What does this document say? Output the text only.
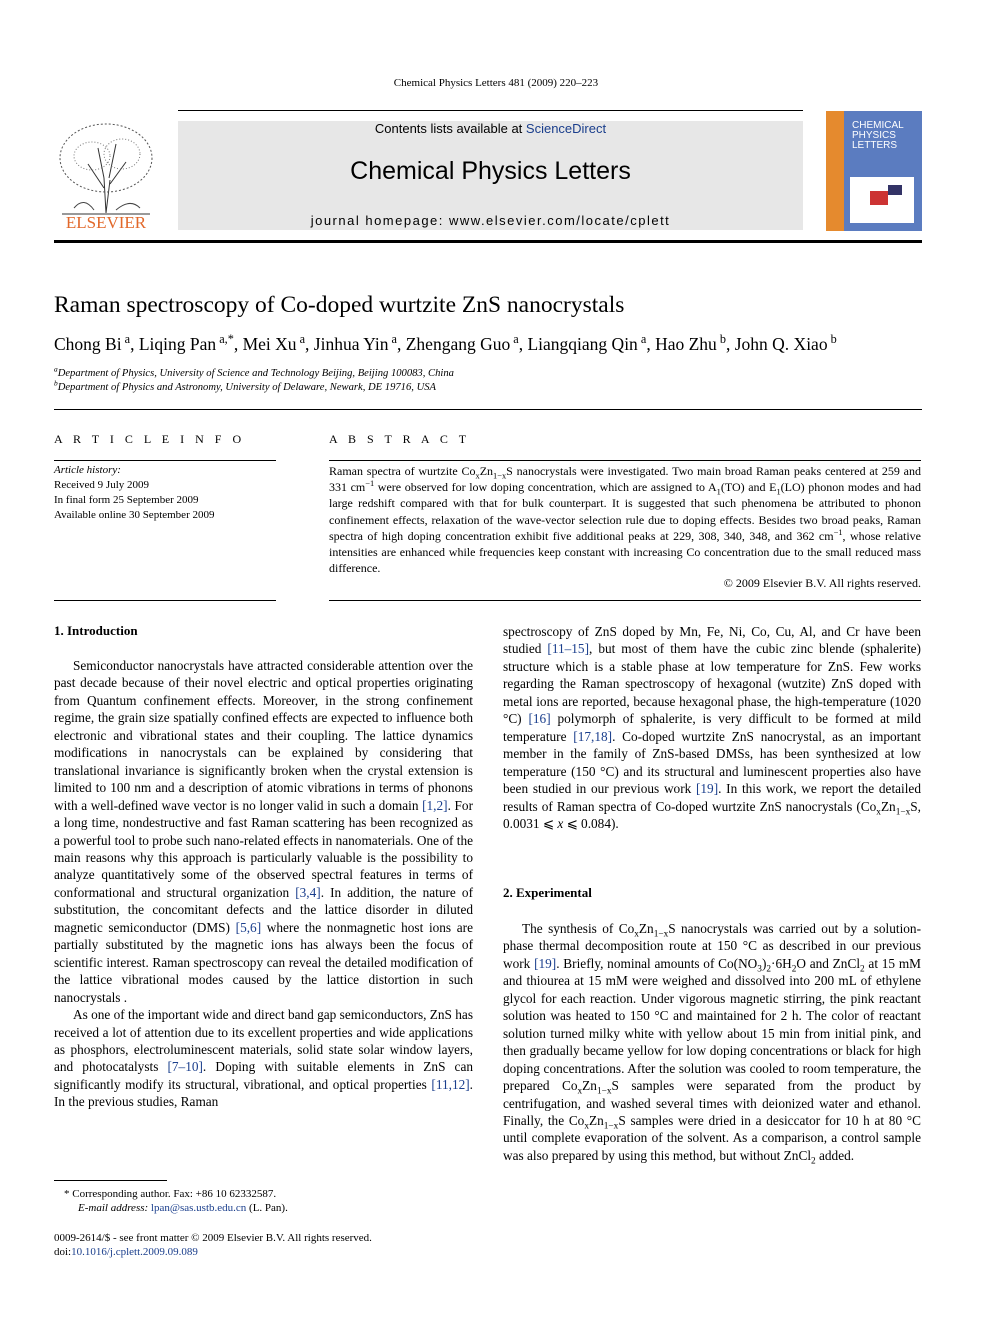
Chemical Physics Letters 481 (2009) 220–223
ELSEVIER
Contents lists available at ScienceDirect
Chemical Physics Letters
journal homepage: www.elsevier.com/locate/cplett
CHEMICAL
PHYSICS
LETTERS
Raman spectroscopy of Co-doped wurtzite ZnS nanocrystals
Chong Bi $^a$, Liqing Pan $^{a,*}$, Mei Xu $^a$, Jinhua Yin $^a$, Zhengang Guo $^a$, Liangqiang Qin $^a$, Hao Zhu $^b$, John Q. Xiao $^b$
$^a$Department of Physics, University of Science and Technology Beijing, Beijing 100083, China
$^b$Department of Physics and Astronomy, University of Delaware, Newark, DE 19716, USA
A R T I C L E I N F O
Article history:
Received 9 July 2009
In final form 25 September 2009
Available online 30 September 2009
A B S T R A C T
Raman spectra of wurtzite $Co_xZn_{1-x}S$ nanocrystals were investigated. Two main broad Raman peaks centered at 259 and 331 $cm^{-1}$ were observed for low doping concentration, which are assigned to $A_1(TO)$ and $E_1(LO)$ phonon modes and had large redshift compared with that for bulk counterpart. It is suggested that such phenomena be attributed to phonon confinement effects, relaxation of the wave-vector selection rule due to doping effects. Besides two broad peaks, Raman spectra of high doping concentration exhibit five additional peaks at 229, 308, 340, 348, and 362 $cm^{-1}$, whose relative intensities are enhanced while frequencies keep constant with increasing Co concentration due to the small reduced mass difference.
© 2009 Elsevier B.V. All rights reserved.
1. Introduction

Semiconductor nanocrystals have attracted considerable attention over the past decade because of their novel electric and optical properties originating from Quantum confinement effects. Moreover, in the strong confinement regime, the grain size spatially confined effects are expected to influence both electronic and vibrational states and their coupling. The lattice dynamics modifications in nanocrystals can be explained by considering that translational invariance is significantly broken when the crystal extension is limited to 100 nm and a description of atomic vibrations in terms of phonons with a well-defined wave vector is no longer valid in such a domain [1,2]. For a long time, nondestructive and fast Raman scattering has been recognized as a powerful tool to probe such nano-related effects in nanomaterials. One of the main reasons why this approach is particularly valuable is the possibility to analyze quantitatively some of the observed spectral features in terms of conformational and structural organization [3,4]. In addition, the nature of substitution, the concomitant defects and the lattice disorder in diluted magnetic semiconductor (DMS) [5,6] where the nonmagnetic host ions are partially substituted by the magnetic ions has always been the focus of scientific interest. Raman spectroscopy can reveal the detailed modification of the lattice vibrational modes caused by the lattice distortion in such nanocrystals .

As one of the important wide and direct band gap semiconductors, ZnS has received a lot of attention due to its excellent properties and wide applications as phosphors, electroluminescent materials, solid state solar window layers, and photocatalysts [7–10]. Doping with suitable elements in ZnS can significantly modify its structural, vibrational, and optical properties [11,12]. In the previous studies, Raman

spectroscopy of ZnS doped by Mn, Fe, Ni, Co, Cu, Al, and Cr have been studied [11–15], but most of them have the cubic zinc blende (sphalerite) structure which is a stable phase at low temperature for ZnS. Few works regarding the Raman spectroscopy of hexagonal (wutzite) ZnS doped with metal ions are reported, because hexagonal phase, the high-temperature (1020 °C) [16] polymorph of sphalerite, is very difficult to be formed at mild temperature [17,18]. Co-doped wurtzite ZnS nanocrystal, as an important member in the family of ZnS-based DMSs, has been synthesized at low temperature (150 °C) and its structural and luminescent properties also have been studied in our previous work [19]. In this work, we report the detailed results of Raman spectra of Co-doped wurtzite ZnS nanocrystals ($Co_xZn_{1-x}S$, 0.0031 ⩽ x ⩽ 0.084).
2. Experimental

The synthesis of $Co_xZn_{1-x}S$ nanocrystals was carried out by a solution-phase thermal decomposition route at 150 °C as described in our previous work [19]. Briefly, nominal amounts of $Co(NO_3)_2\cdot 6H_2O$ and ZnCl$_2$ at 15 mM and thiourea at 15 mM were weighed and dissolved into 200 mL of ethylene glycol for each reaction. Under vigorous magnetic stirring, the pink reactant solution was heated to 150 °C and maintained for 2 h. The color of reactant solution turned milky white with yellow about 15 min from initial pink, and then gradually became yellow for low doping concentrations or black for high doping concentrations. After the solution was cooled to room temperature, the prepared $Co_xZn_{1-x}S$ samples were separated from the product by centrifugation, and washed several times with deionized water and ethanol. Finally, the $Co_xZn_{1-x}S$ samples were dried in a desiccator for 10 h at 80 °C until complete evaporation of the solvent. As a comparison, a control sample was also prepared by using this method, but without ZnCl$_2$ added.

* Corresponding author. Fax: +86 10 62332587.
E-mail address: lpan@sas.ustb.edu.cn (L. Pan).
0009-2614/$ - see front matter © 2009 Elsevier B.V. All rights reserved.
doi:10.1016/j.cplett.2009.09.089
